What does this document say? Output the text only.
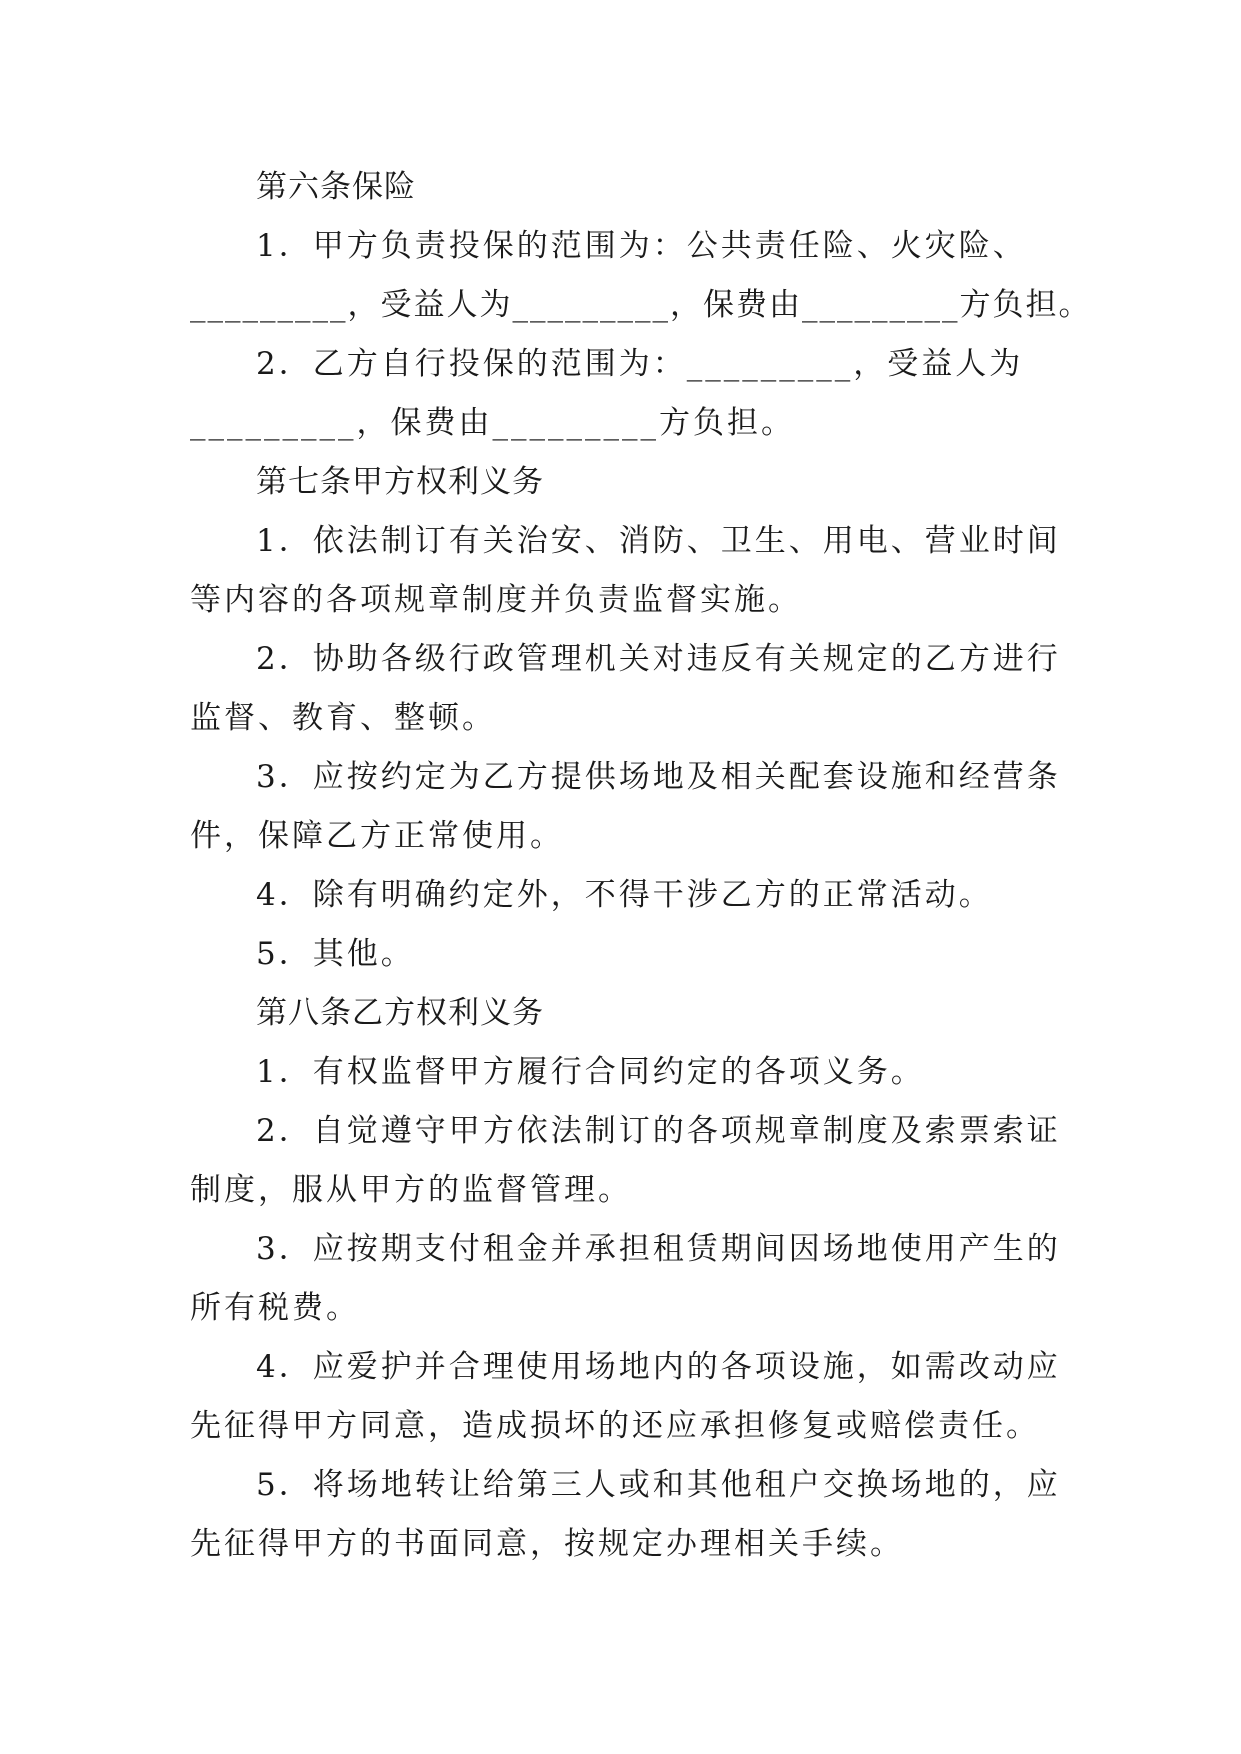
第六条保险
1．甲方负责投保的范围为：公共责任险、火灾险、
_________，受益人为_________，保费由_________方负担。
2．乙方自行投保的范围为：_________，受益人为
_________，保费由_________方负担。
第七条甲方权利义务
1．依法制订有关治安、消防、卫生、用电、营业时间
等内容的各项规章制度并负责监督实施。
2．协助各级行政管理机关对违反有关规定的乙方进行
监督、教育、整顿。
3．应按约定为乙方提供场地及相关配套设施和经营条
件，保障乙方正常使用。
4．除有明确约定外，不得干涉乙方的正常活动。
5．其他。
第八条乙方权利义务
1．有权监督甲方履行合同约定的各项义务。
2．自觉遵守甲方依法制订的各项规章制度及索票索证
制度，服从甲方的监督管理。
3．应按期支付租金并承担租赁期间因场地使用产生的
所有税费。
4．应爱护并合理使用场地内的各项设施，如需改动应
先征得甲方同意，造成损坏的还应承担修复或赔偿责任。
5．将场地转让给第三人或和其他租户交换场地的，应
先征得甲方的书面同意，按规定办理相关手续。
